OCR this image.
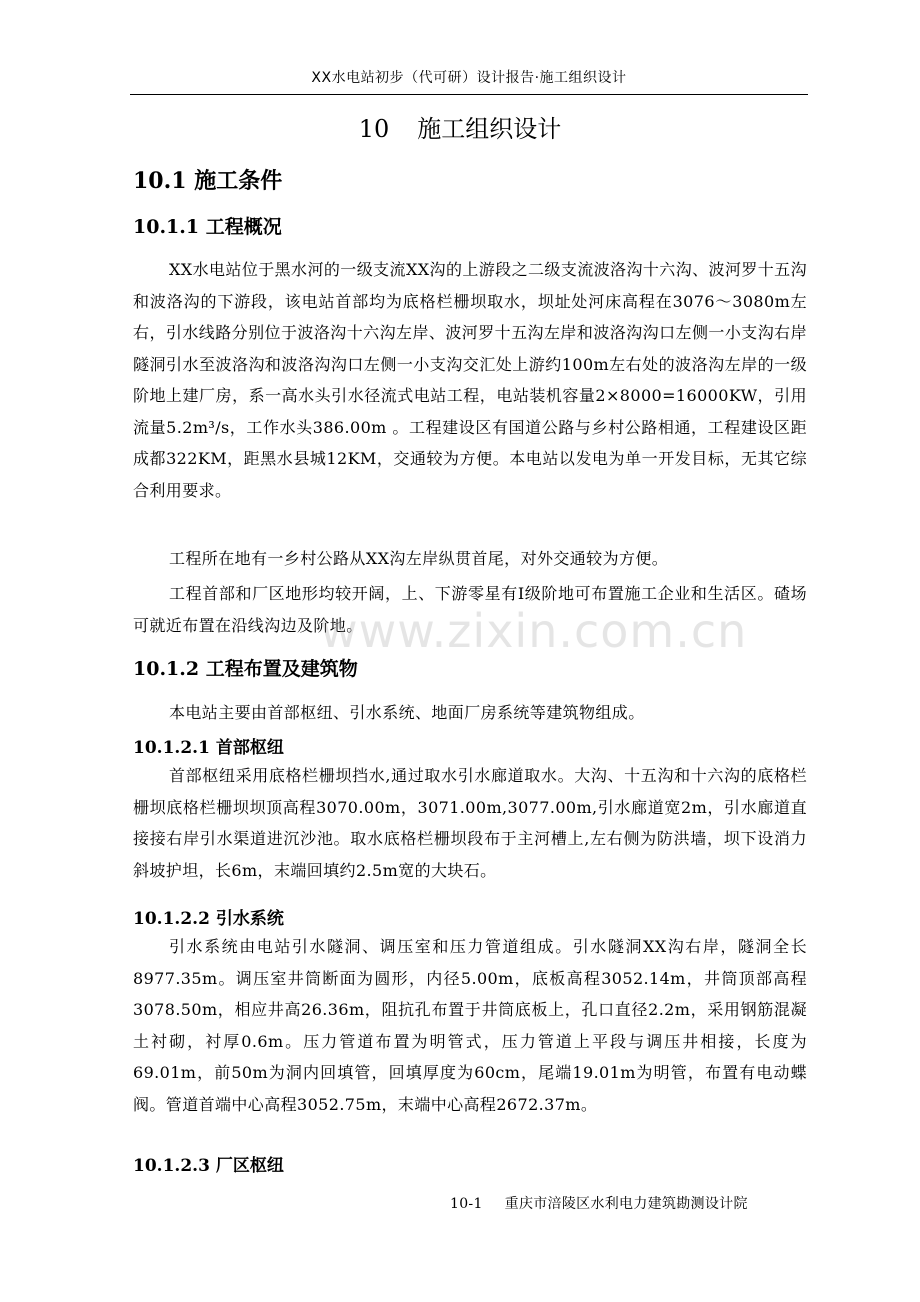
XX水电站初步（代可研）设计报告·施工组织设计
10 施工组织设计
10.1 施工条件
10.1.1 工程概况

XX水电站位于黑水河的一级支流XX沟的上游段之二级支流波洛沟十六沟、波河罗十五沟和波洛沟的下游段，该电站首部均为底格栏栅坝取水，坝址处河床高程在3076～3080m左右，引水线路分别位于波洛沟十六沟左岸、波河罗十五沟左岸和波洛沟沟口左侧一小支沟右岸隧洞引水至波洛沟和波洛沟沟口左侧一小支沟交汇处上游约100m左右处的波洛沟左岸的一级阶地上建厂房，系一高水头引水径流式电站工程，电站装机容量2×8000=16000KW，引用流量5.2m³/s，工作水头386.00m 。工程建设区有国道公路与乡村公路相通，工程建设区距成都322KM，距黑水县城12KM，交通较为方便。本电站以发电为单一开发目标，无其它综合利用要求。

工程所在地有一乡村公路从XX沟左岸纵贯首尾，对外交通较为方便。

工程首部和厂区地形均较开阔，上、下游零星有Ⅰ级阶地可布置施工企业和生活区。碴场可就近布置在沿线沟边及阶地。

10.1.2 工程布置及建筑物

本电站主要由首部枢纽、引水系统、地面厂房系统等建筑物组成。

10.1.2.1 首部枢纽

首部枢纽采用底格栏栅坝挡水,通过取水引水廊道取水。大沟、十五沟和十六沟的底格栏栅坝底格栏栅坝坝顶高程3070.00m，3071.00m,3077.00m,引水廊道宽2m，引水廊道直接接右岸引水渠道进沉沙池。取水底格栏栅坝段布于主河槽上,左右侧为防洪墙，坝下设消力斜坡护坦，长6m，末端回填约2.5m宽的大块石。

10.1.2.2 引水系统

引水系统由电站引水隧洞、调压室和压力管道组成。引水隧洞XX沟右岸，隧洞全长8977.35m。调压室井筒断面为圆形，内径5.00m，底板高程3052.14m，井筒顶部高程3078.50m，相应井高26.36m，阻抗孔布置于井筒底板上，孔口直径2.2m，采用钢筋混凝土衬砌，衬厚0.6m。压力管道布置为明管式，压力管道上平段与调压井相接，长度为69.01m，前50m为洞内回填管，回填厚度为60cm，尾端19.01m为明管，布置有电动蝶阀。管道首端中心高程3052.75m，末端中心高程2672.37m。

10.1.2.3 厂区枢纽
www.zixin.com.cn
10-1 重庆市涪陵区水利电力建筑勘测设计院
